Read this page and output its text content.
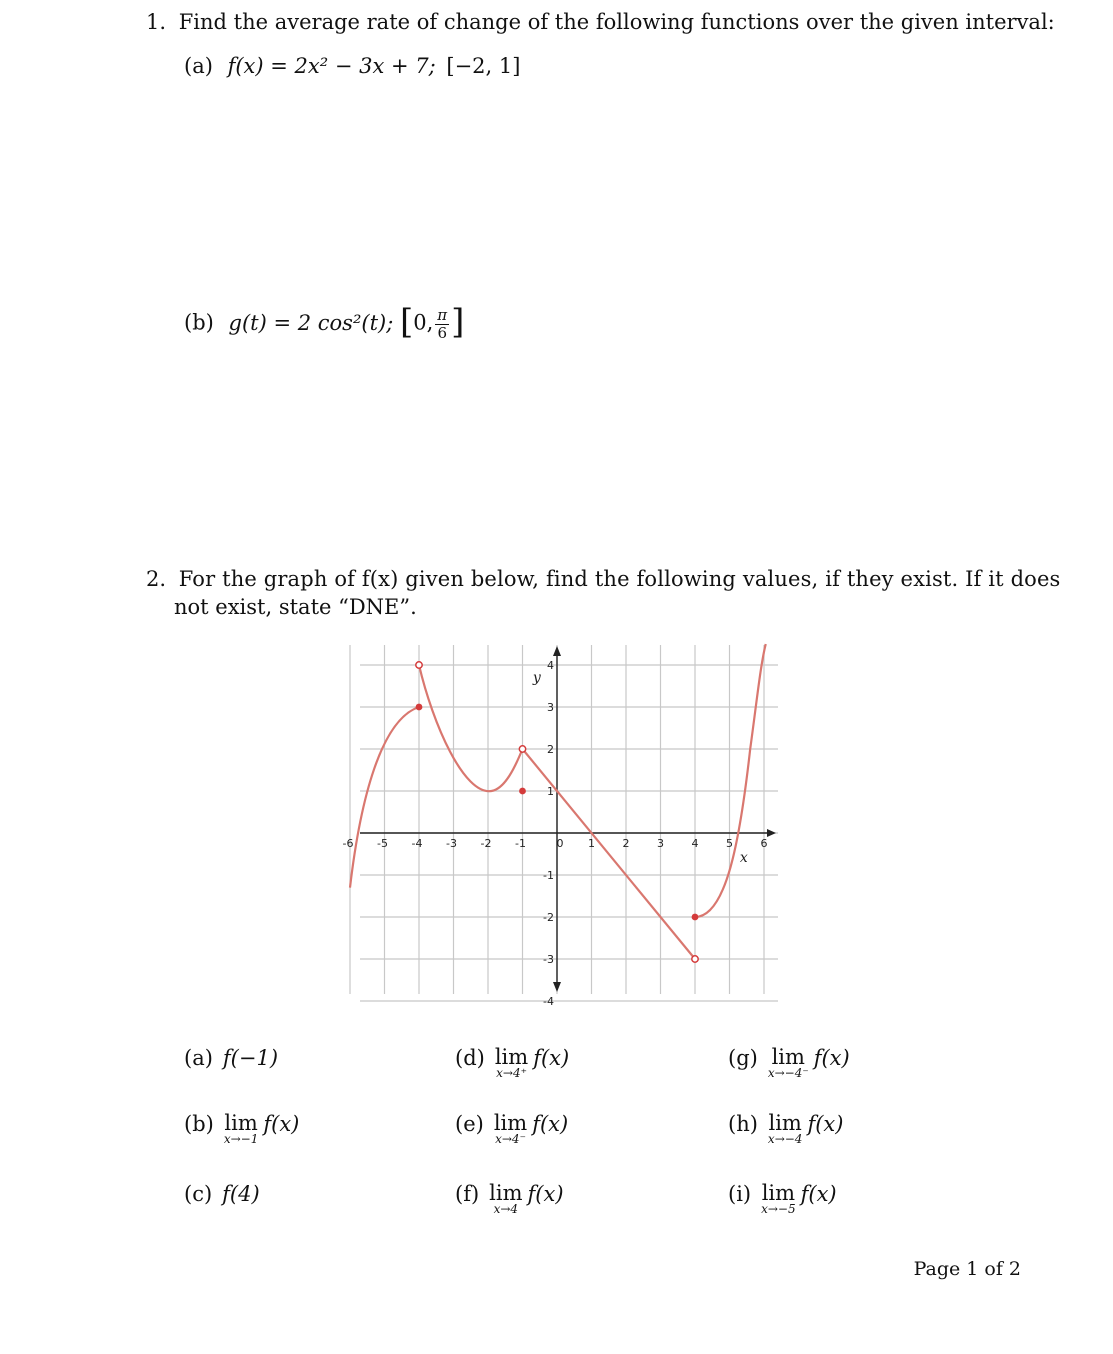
1. Find the average rate of change of the following functions over the given interval:
(a) f(x) = 2x² − 3x + 7; [−2, 1]
(b) g(t) = 2 cos²(t); [0, $\frac{\pi}{6}$ ]
2. For the graph of f(x) given below, find the following values, if they exist. If it does
not exist, state “DNE”.
-6 -5 -4 -3 -2 -1	0 1	2	3	4	5	6
4
3
2
1
-1
-2
-3
-4
x
y
(a) f(−1)
(b) lim
x→−1
f(x)
(c) f(4)
(d) lim
x→4⁺
f(x)
(e) lim
x→4⁻
f(x)
(f) lim
x→4
f(x)
(g) lim
x→−4⁻
f(x)
(h) lim
x→−4
f(x)
(i) lim
x→−5
f(x)
Page 1 of 2
